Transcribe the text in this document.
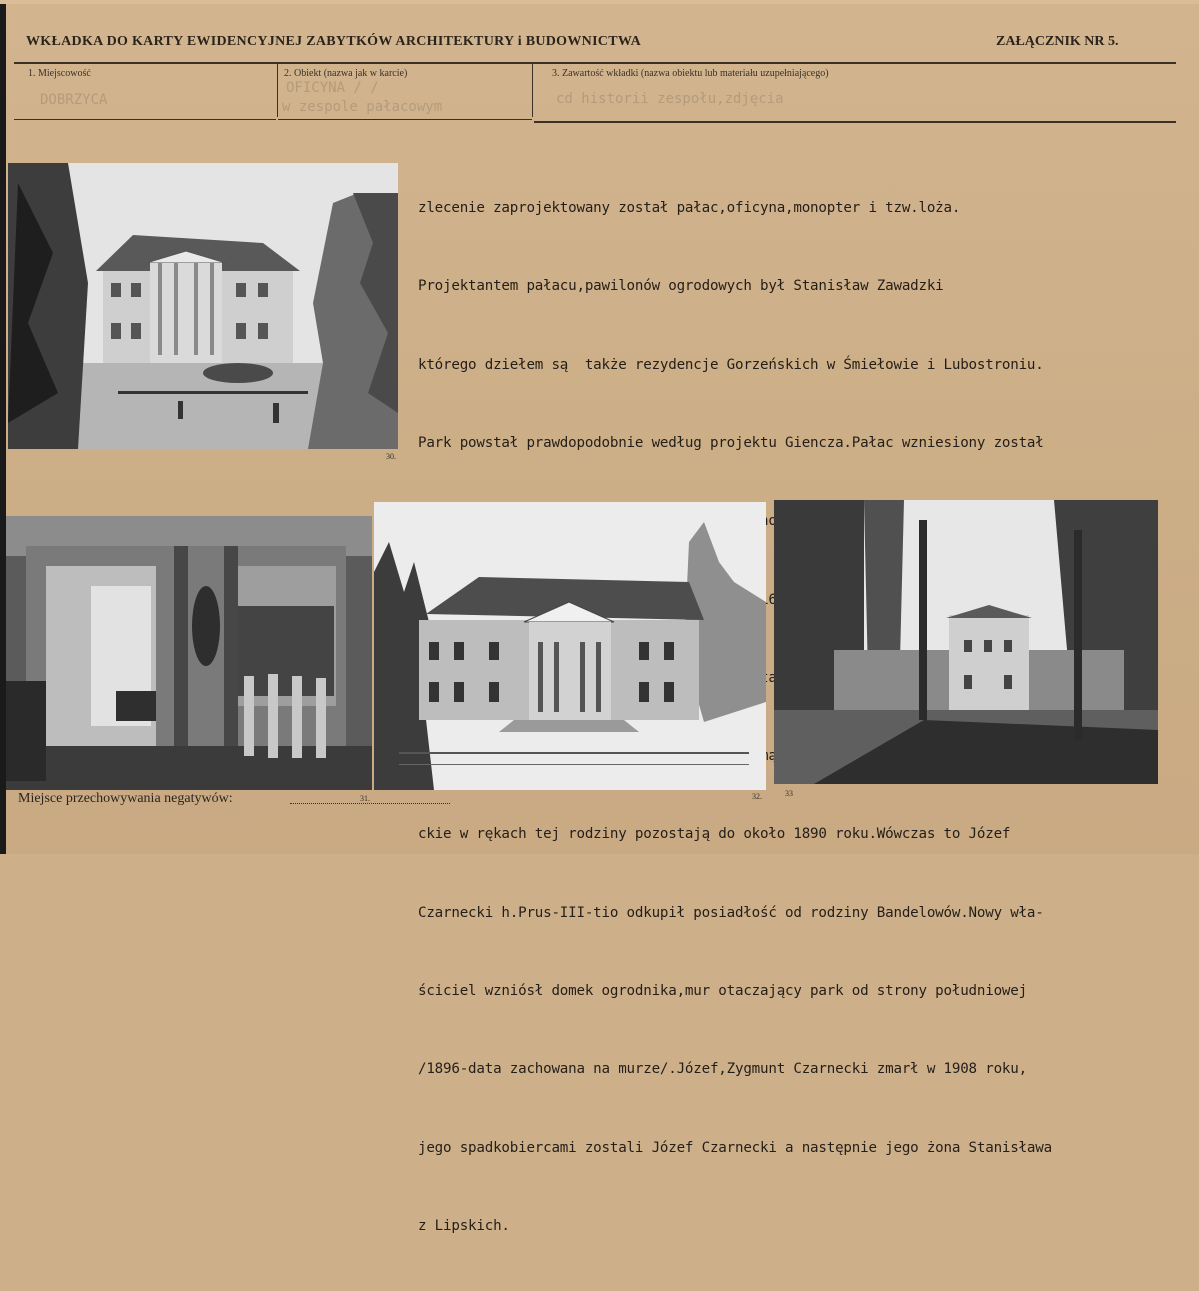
WKŁADKA DO KARTY EWIDENCYJNEJ ZABYTKÓW ARCHITEKTURY i BUDOWNICTWA	ZAŁĄCZNIK NR 5.
1. Miejscowość
DOBRZYCA
2. Obiekt (nazwa jak w karcie)
OFICYNA / /
w zespole pałacowym
3. Zawartość wkładki (nazwa obiektu lub materiału uzupełniającego)
cd historii zespołu,zdjęcia

zlecenie zaprojektowany został pałac,oficyna,monopter i tzw.loża.

Projektantem pałacu,pawilonów ogrodowych był Stanisław Zawadzki

którego dziełem są  także rezydencje Gorzeńskich w Śmiełowie i Lubostroniu.

Park powstał prawdopodobnie według projektu Giencza.Pałac wzniesiony został

mąż

ckie w rękach tej rodziny pozostają do około 1890 roku.Wówczas to Józef

Czarnecki h.Prus-III-tio odkupił posiadłość od rodziny Bandelowów.Nowy wła-

ściciel wzniósł domek ogrodnika,mur otaczający park od strony południowej

/1896-data zachowana na murze/.Józef,Zygmunt Czarnecki zmarł w 1908 roku,

jego spadkobiercami zostali Józef Czarnecki a następnie jego żona Stanisława

z Lipskich.

30.
31.	32.	33
Miejsce przechowywania negatywów:
